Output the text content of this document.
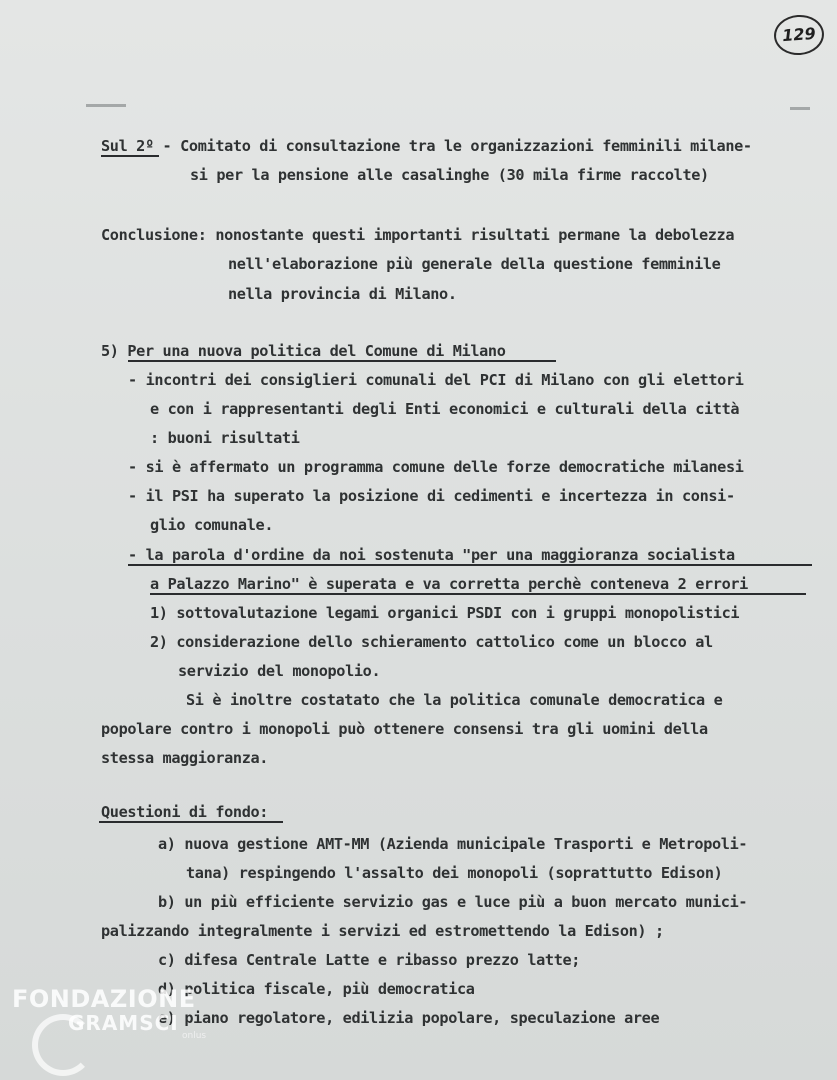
129
Sul 2º - Comitato di consultazione tra le organizzazioni femminili milane-
si per la pensione alle casalinghe (30 mila firme raccolte)
Conclusione: nonostante questi importanti risultati permane la debolezza
nell'elaborazione più generale della questione femminile
nella provincia di Milano.
5) Per una nuova politica del Comune di Milano
- incontri dei consiglieri comunali del PCI di Milano con gli elettori
e con i rappresentanti degli Enti economici e culturali della città
: buoni risultati
- si è affermato un programma comune delle forze democratiche milanesi
- il PSI ha superato la posizione di cedimenti e incertezza in consi-
glio comunale.
- la parola d'ordine da noi sostenuta "per una maggioranza socialista
a Palazzo Marino" è superata e va corretta perchè conteneva 2 errori
1) sottovalutazione legami organici PSDI con i gruppi monopolistici
2) considerazione dello schieramento cattolico come un blocco al
servizio del monopolio.
Si è inoltre costatato che la politica comunale democratica e
popolare contro i monopoli può ottenere consensi tra gli uomini della
stessa maggioranza.
Questioni di fondo:
a) nuova gestione AMT-MM (Azienda municipale Trasporti e Metropoli-
tana) respingendo l'assalto dei monopoli (soprattutto Edison)
b) un più efficiente servizio gas e luce più a buon mercato munici-
palizzando integralmente i servizi ed estromettendo la Edison) ;
c) difesa Centrale Latte e ribasso prezzo latte;
d) politica fiscale, più democratica
e) piano regolatore, edilizia popolare, speculazione aree
FONDAZIONE
GRAMSCI
onlus
